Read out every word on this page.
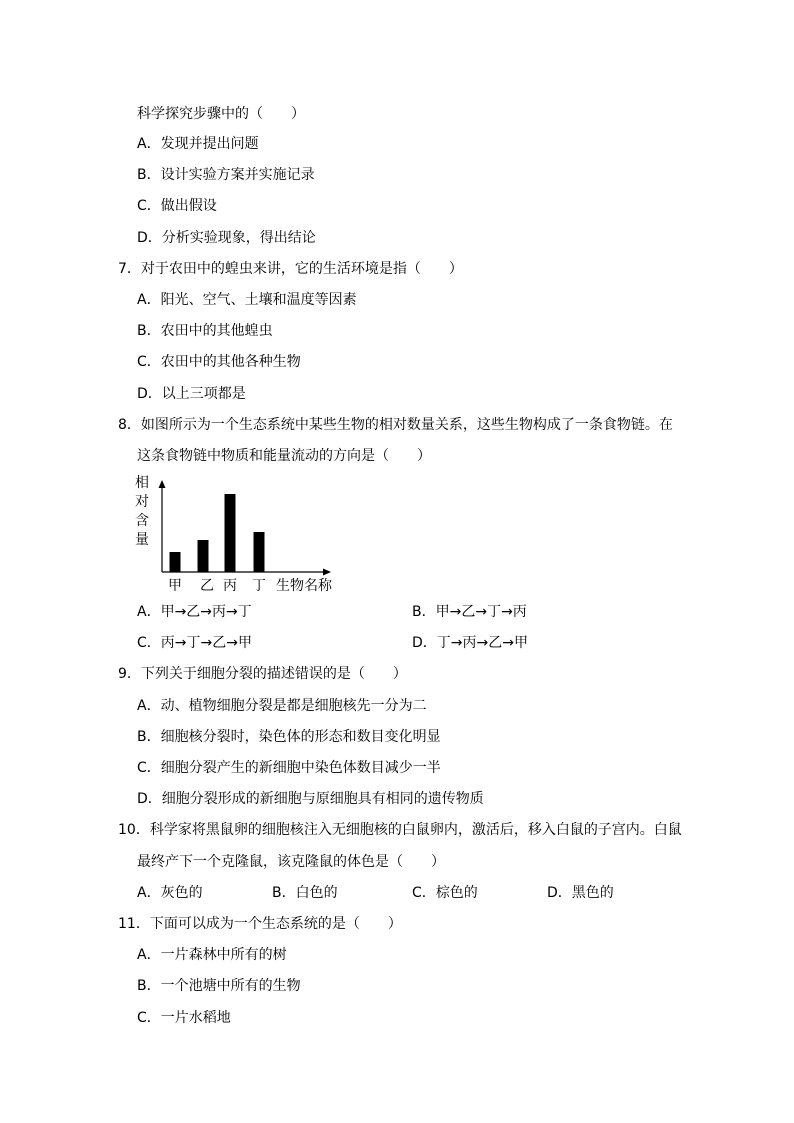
科学探究步骤中的（　　）
A．发现并提出问题
B．设计实验方案并实施记录
C．做出假设
D．分析实验现象，得出结论
7．对于农田中的蝗虫来讲，它的生活环境是指（　　）
A．阳光、空气、土壤和温度等因素
B．农田中的其他蝗虫
C．农田中的其他各种生物
D．以上三项都是
8．如图所示为一个生态系统中某些生物的相对数量关系，这些生物构成了一条食物链。在
这条食物链中物质和能量流动的方向是（　　）
相
对
含
量
甲 乙 丙 丁 生物名称
A．甲→乙→丙→丁	B．甲→乙→丁→丙
C．丙→丁→乙→甲	D．丁→丙→乙→甲
9．下列关于细胞分裂的描述错误的是（　　）
A．动、植物细胞分裂是都是细胞核先一分为二
B．细胞核分裂时，染色体的形态和数目变化明显
C．细胞分裂产生的新细胞中染色体数目减少一半
D．细胞分裂形成的新细胞与原细胞具有相同的遗传物质
10．科学家将黑鼠卵的细胞核注入无细胞核的白鼠卵内，激活后，移入白鼠的子宫内。白鼠
最终产下一个克隆鼠，该克隆鼠的体色是（　　）
A．灰色的	B．白色的	C．棕色的	D．黑色的
11．下面可以成为一个生态系统的是（　　）
A．一片森林中所有的树
B．一个池塘中所有的生物
C．一片水稻地
